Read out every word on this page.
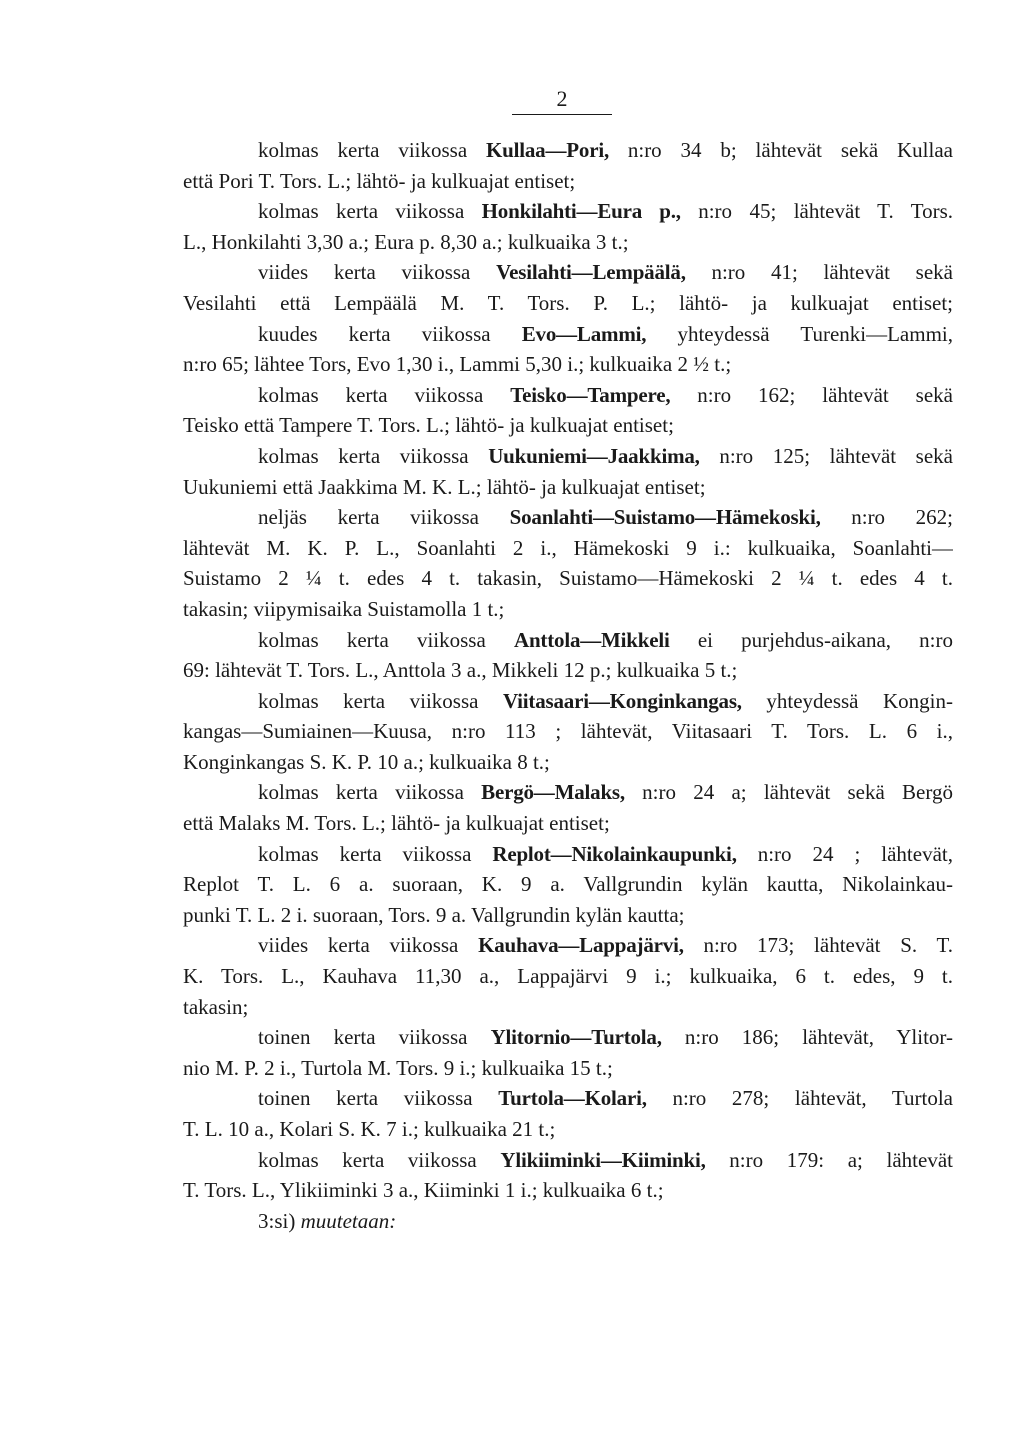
2
kolmas kerta viikossa Kullaa—Pori, n:ro 34 b; lähtevät sekä Kullaa
että Pori T. Tors. L.; lähtö- ja kulkuajat entiset;
kolmas kerta viikossa Honkilahti—Eura p., n:ro 45; lähtevät T. Tors.
L., Honkilahti 3,30 a.; Eura p. 8,30 a.; kulkuaika 3 t.;
viides kerta viikossa Vesilahti—Lempäälä, n:ro 41; lähtevät sekä
Vesilahti että Lempäälä M. T. Tors. P. L.; lähtö- ja kulkuajat entiset;
kuudes kerta viikossa Evo—Lammi, yhteydessä Turenki—Lammi,
n:ro 65; lähtee Tors, Evo 1,30 i., Lammi 5,30 i.; kulkuaika 2 ½ t.;
kolmas kerta viikossa Teisko—Tampere, n:ro 162; lähtevät sekä
Teisko että Tampere T. Tors. L.; lähtö- ja kulkuajat entiset;
kolmas kerta viikossa Uukuniemi—Jaakkima, n:ro 125; lähtevät sekä
Uukuniemi että Jaakkima M. K. L.; lähtö- ja kulkuajat entiset;
neljäs kerta viikossa Soanlahti—Suistamo—Hämekoski, n:ro 262;
lähtevät M. K. P. L., Soanlahti 2 i., Hämekoski 9 i.: kulkuaika, Soanlahti—
Suistamo 2 ¼ t. edes 4 t. takasin, Suistamo—Hämekoski 2 ¼ t. edes 4 t.
takasin; viipymisaika Suistamolla 1 t.;
kolmas kerta viikossa Anttola—Mikkeli ei purjehdus-aikana, n:ro
69: lähtevät T. Tors. L., Anttola 3 a., Mikkeli 12 p.; kulkuaika 5 t.;
kolmas kerta viikossa Viitasaari—Konginkangas, yhteydessä Kongin-
kangas—Sumiainen—Kuusa, n:ro 113 ; lähtevät, Viitasaari T. Tors. L. 6 i.,
Konginkangas S. K. P. 10 a.; kulkuaika 8 t.;
kolmas kerta viikossa Bergö—Malaks, n:ro 24 a; lähtevät sekä Bergö
että Malaks M. Tors. L.; lähtö- ja kulkuajat entiset;
kolmas kerta viikossa Replot—Nikolainkaupunki, n:ro 24 ; lähtevät,
Replot T. L. 6 a. suoraan, K. 9 a. Vallgrundin kylän kautta, Nikolainkau-
punki T. L. 2 i. suoraan, Tors. 9 a. Vallgrundin kylän kautta;
viides kerta viikossa Kauhava—Lappajärvi, n:ro 173; lähtevät S. T.
K. Tors. L., Kauhava 11,30 a., Lappajärvi 9 i.; kulkuaika, 6 t. edes, 9 t.
takasin;
toinen kerta viikossa Ylitornio—Turtola, n:ro 186; lähtevät, Ylitor-
nio M. P. 2 i., Turtola M. Tors. 9 i.; kulkuaika 15 t.;
toinen kerta viikossa Turtola—Kolari, n:ro 278; lähtevät, Turtola
T. L. 10 a., Kolari S. K. 7 i.; kulkuaika 21 t.;
kolmas kerta viikossa Ylikiiminki—Kiiminki, n:ro 179: a; lähtevät
T. Tors. L., Ylikiiminki 3 a., Kiiminki 1 i.; kulkuaika 6 t.;
3:si) muutetaan:
